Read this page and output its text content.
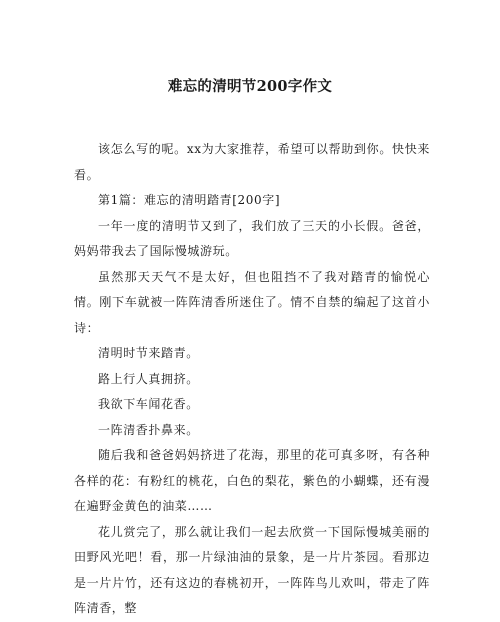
难忘的清明节200字作文

该怎么写的呢。xx为大家推荐，希望可以帮助到你。快快来看。

第1篇：难忘的清明踏青[200字]

一年一度的清明节又到了，我们放了三天的小长假。爸爸，妈妈带我去了国际慢城游玩。

虽然那天天气不是太好，但也阻挡不了我对踏青的愉悦心情。刚下车就被一阵阵清香所迷住了。情不自禁的编起了这首小诗：

清明时节来踏青。

路上行人真拥挤。

我欲下车闻花香。

一阵清香扑鼻来。

随后我和爸爸妈妈挤进了花海，那里的花可真多呀，有各种各样的花：有粉红的桃花，白色的梨花，紫色的小蝴蝶，还有漫在遍野金黄色的油菜……

花儿赏完了，那么就让我们一起去欣赏一下国际慢城美丽的田野风光吧！看，那一片绿油油的景象，是一片片茶园。看那边是一片片竹，还有这边的春桃初开，一阵阵鸟儿欢叫，带走了阵阵清香，整
